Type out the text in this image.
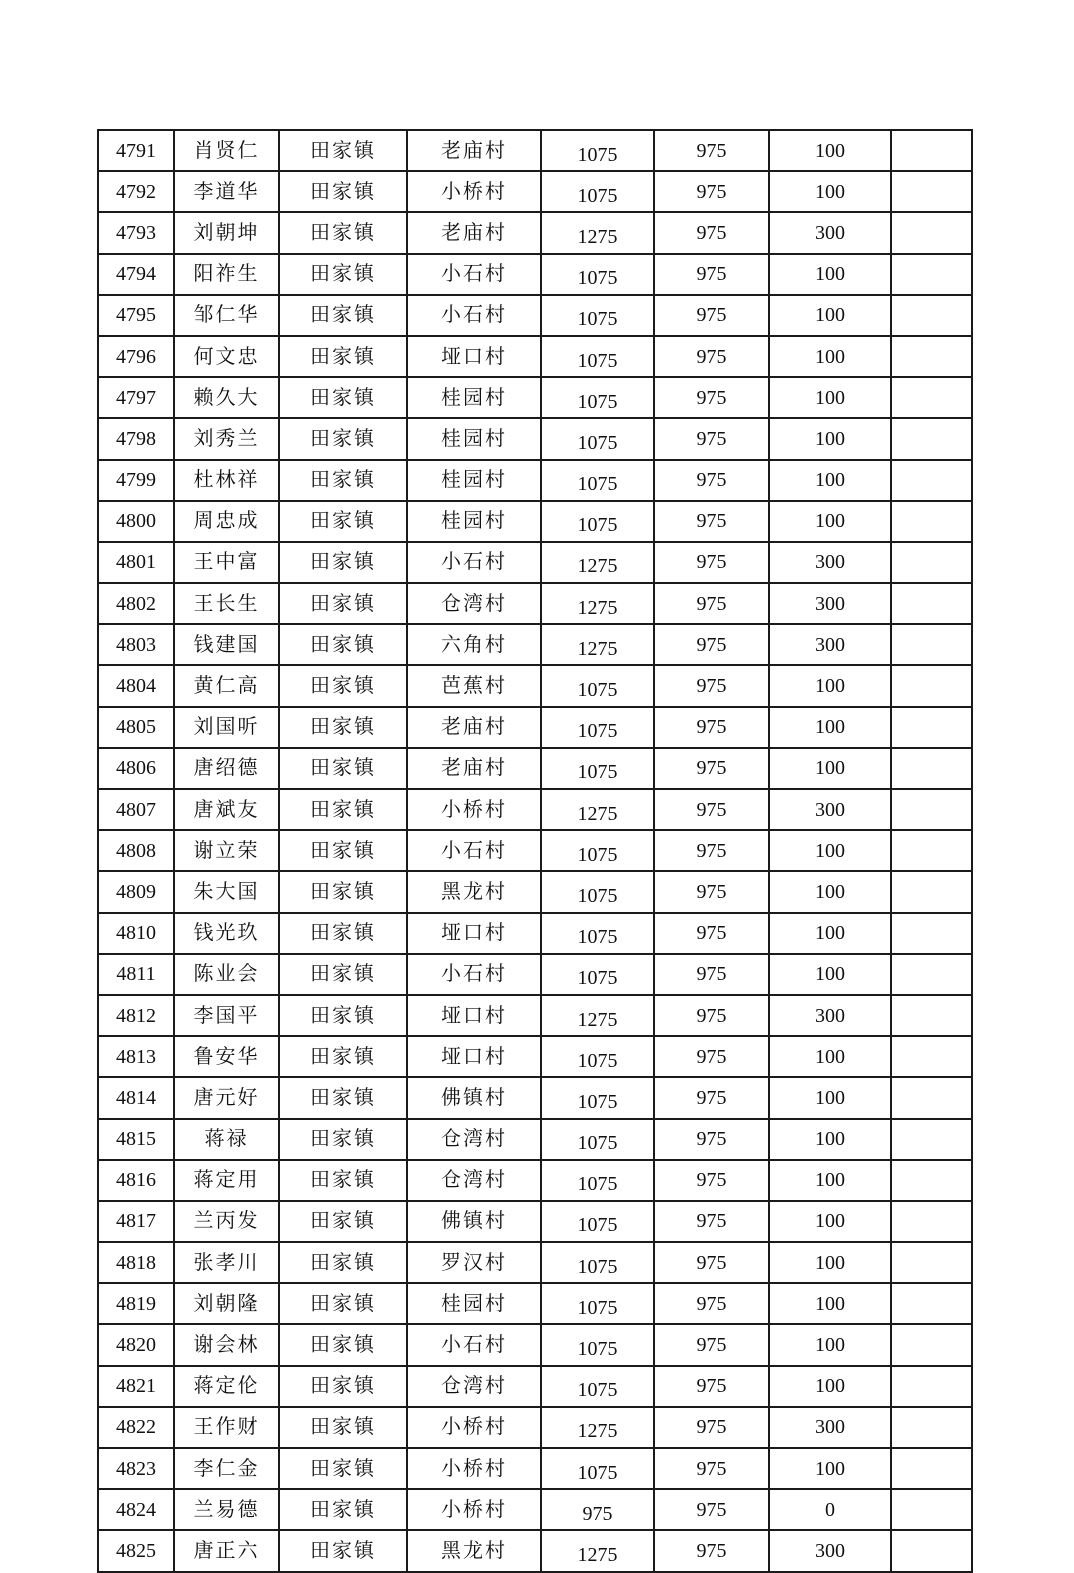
4791	肖贤仁	田家镇	老庙村	1075	975	100	
4792	李道华	田家镇	小桥村	1075	975	100	
4793	刘朝坤	田家镇	老庙村	1275	975	300	
4794	阳祚生	田家镇	小石村	1075	975	100	
4795	邹仁华	田家镇	小石村	1075	975	100	
4796	何文忠	田家镇	垭口村	1075	975	100	
4797	赖久大	田家镇	桂园村	1075	975	100	
4798	刘秀兰	田家镇	桂园村	1075	975	100	
4799	杜林祥	田家镇	桂园村	1075	975	100	
4800	周忠成	田家镇	桂园村	1075	975	100	
4801	王中富	田家镇	小石村	1275	975	300	
4802	王长生	田家镇	仓湾村	1275	975	300	
4803	钱建国	田家镇	六角村	1275	975	300	
4804	黄仁高	田家镇	芭蕉村	1075	975	100	
4805	刘国听	田家镇	老庙村	1075	975	100	
4806	唐绍德	田家镇	老庙村	1075	975	100	
4807	唐斌友	田家镇	小桥村	1275	975	300	
4808	谢立荣	田家镇	小石村	1075	975	100	
4809	朱大国	田家镇	黑龙村	1075	975	100	
4810	钱光玖	田家镇	垭口村	1075	975	100	
4811	陈业会	田家镇	小石村	1075	975	100	
4812	李国平	田家镇	垭口村	1275	975	300	
4813	鲁安华	田家镇	垭口村	1075	975	100	
4814	唐元好	田家镇	佛镇村	1075	975	100	
4815	蒋禄	田家镇	仓湾村	1075	975	100	
4816	蒋定用	田家镇	仓湾村	1075	975	100	
4817	兰丙发	田家镇	佛镇村	1075	975	100	
4818	张孝川	田家镇	罗汉村	1075	975	100	
4819	刘朝隆	田家镇	桂园村	1075	975	100	
4820	谢会林	田家镇	小石村	1075	975	100	
4821	蒋定伦	田家镇	仓湾村	1075	975	100	
4822	王作财	田家镇	小桥村	1275	975	300	
4823	李仁金	田家镇	小桥村	1075	975	100	
4824	兰易德	田家镇	小桥村	975	975	0	
4825	唐正六	田家镇	黑龙村	1275	975	300	
